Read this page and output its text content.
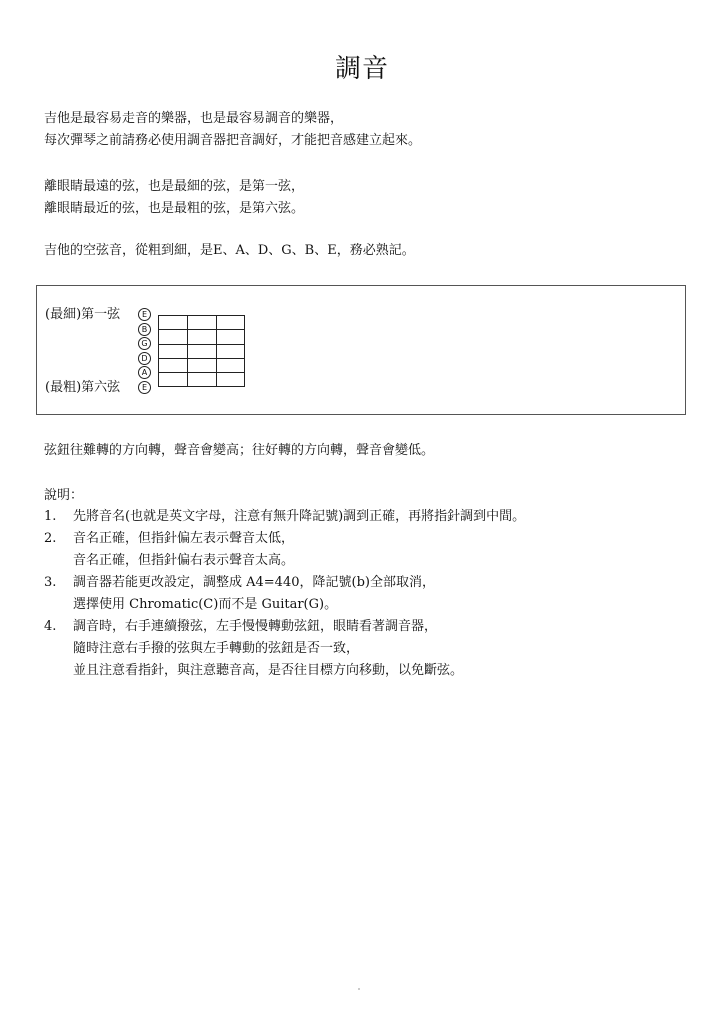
調音
吉他是最容易走音的樂器，也是最容易調音的樂器，
每次彈琴之前請務必使用調音器把音調好，才能把音感建立起來。
離眼睛最遠的弦，也是最細的弦，是第一弦，
離眼睛最近的弦，也是最粗的弦，是第六弦。
吉他的空弦音，從粗到細，是E、A、D、G、B、E，務必熟記。
(最細)第一弦
(最粗)第六弦
E
B
G
D
A
E
弦鈕往難轉的方向轉，聲音會變高；往好轉的方向轉，聲音會變低。
說明：
1. 先將音名(也就是英文字母，注意有無升降記號)調到正確，再將指針調到中間。
2. 音名正確，但指針偏左表示聲音太低，
音名正確，但指針偏右表示聲音太高。
3. 調音器若能更改設定，調整成 A4=440，降記號(b)全部取消，
選擇使用 Chromatic(C)而不是 Guitar(G)。
4. 調音時，右手連續撥弦，左手慢慢轉動弦鈕，眼睛看著調音器，
隨時注意右手撥的弦與左手轉動的弦鈕是否一致，
並且注意看指針，與注意聽音高，是否往目標方向移動，以免斷弦。
